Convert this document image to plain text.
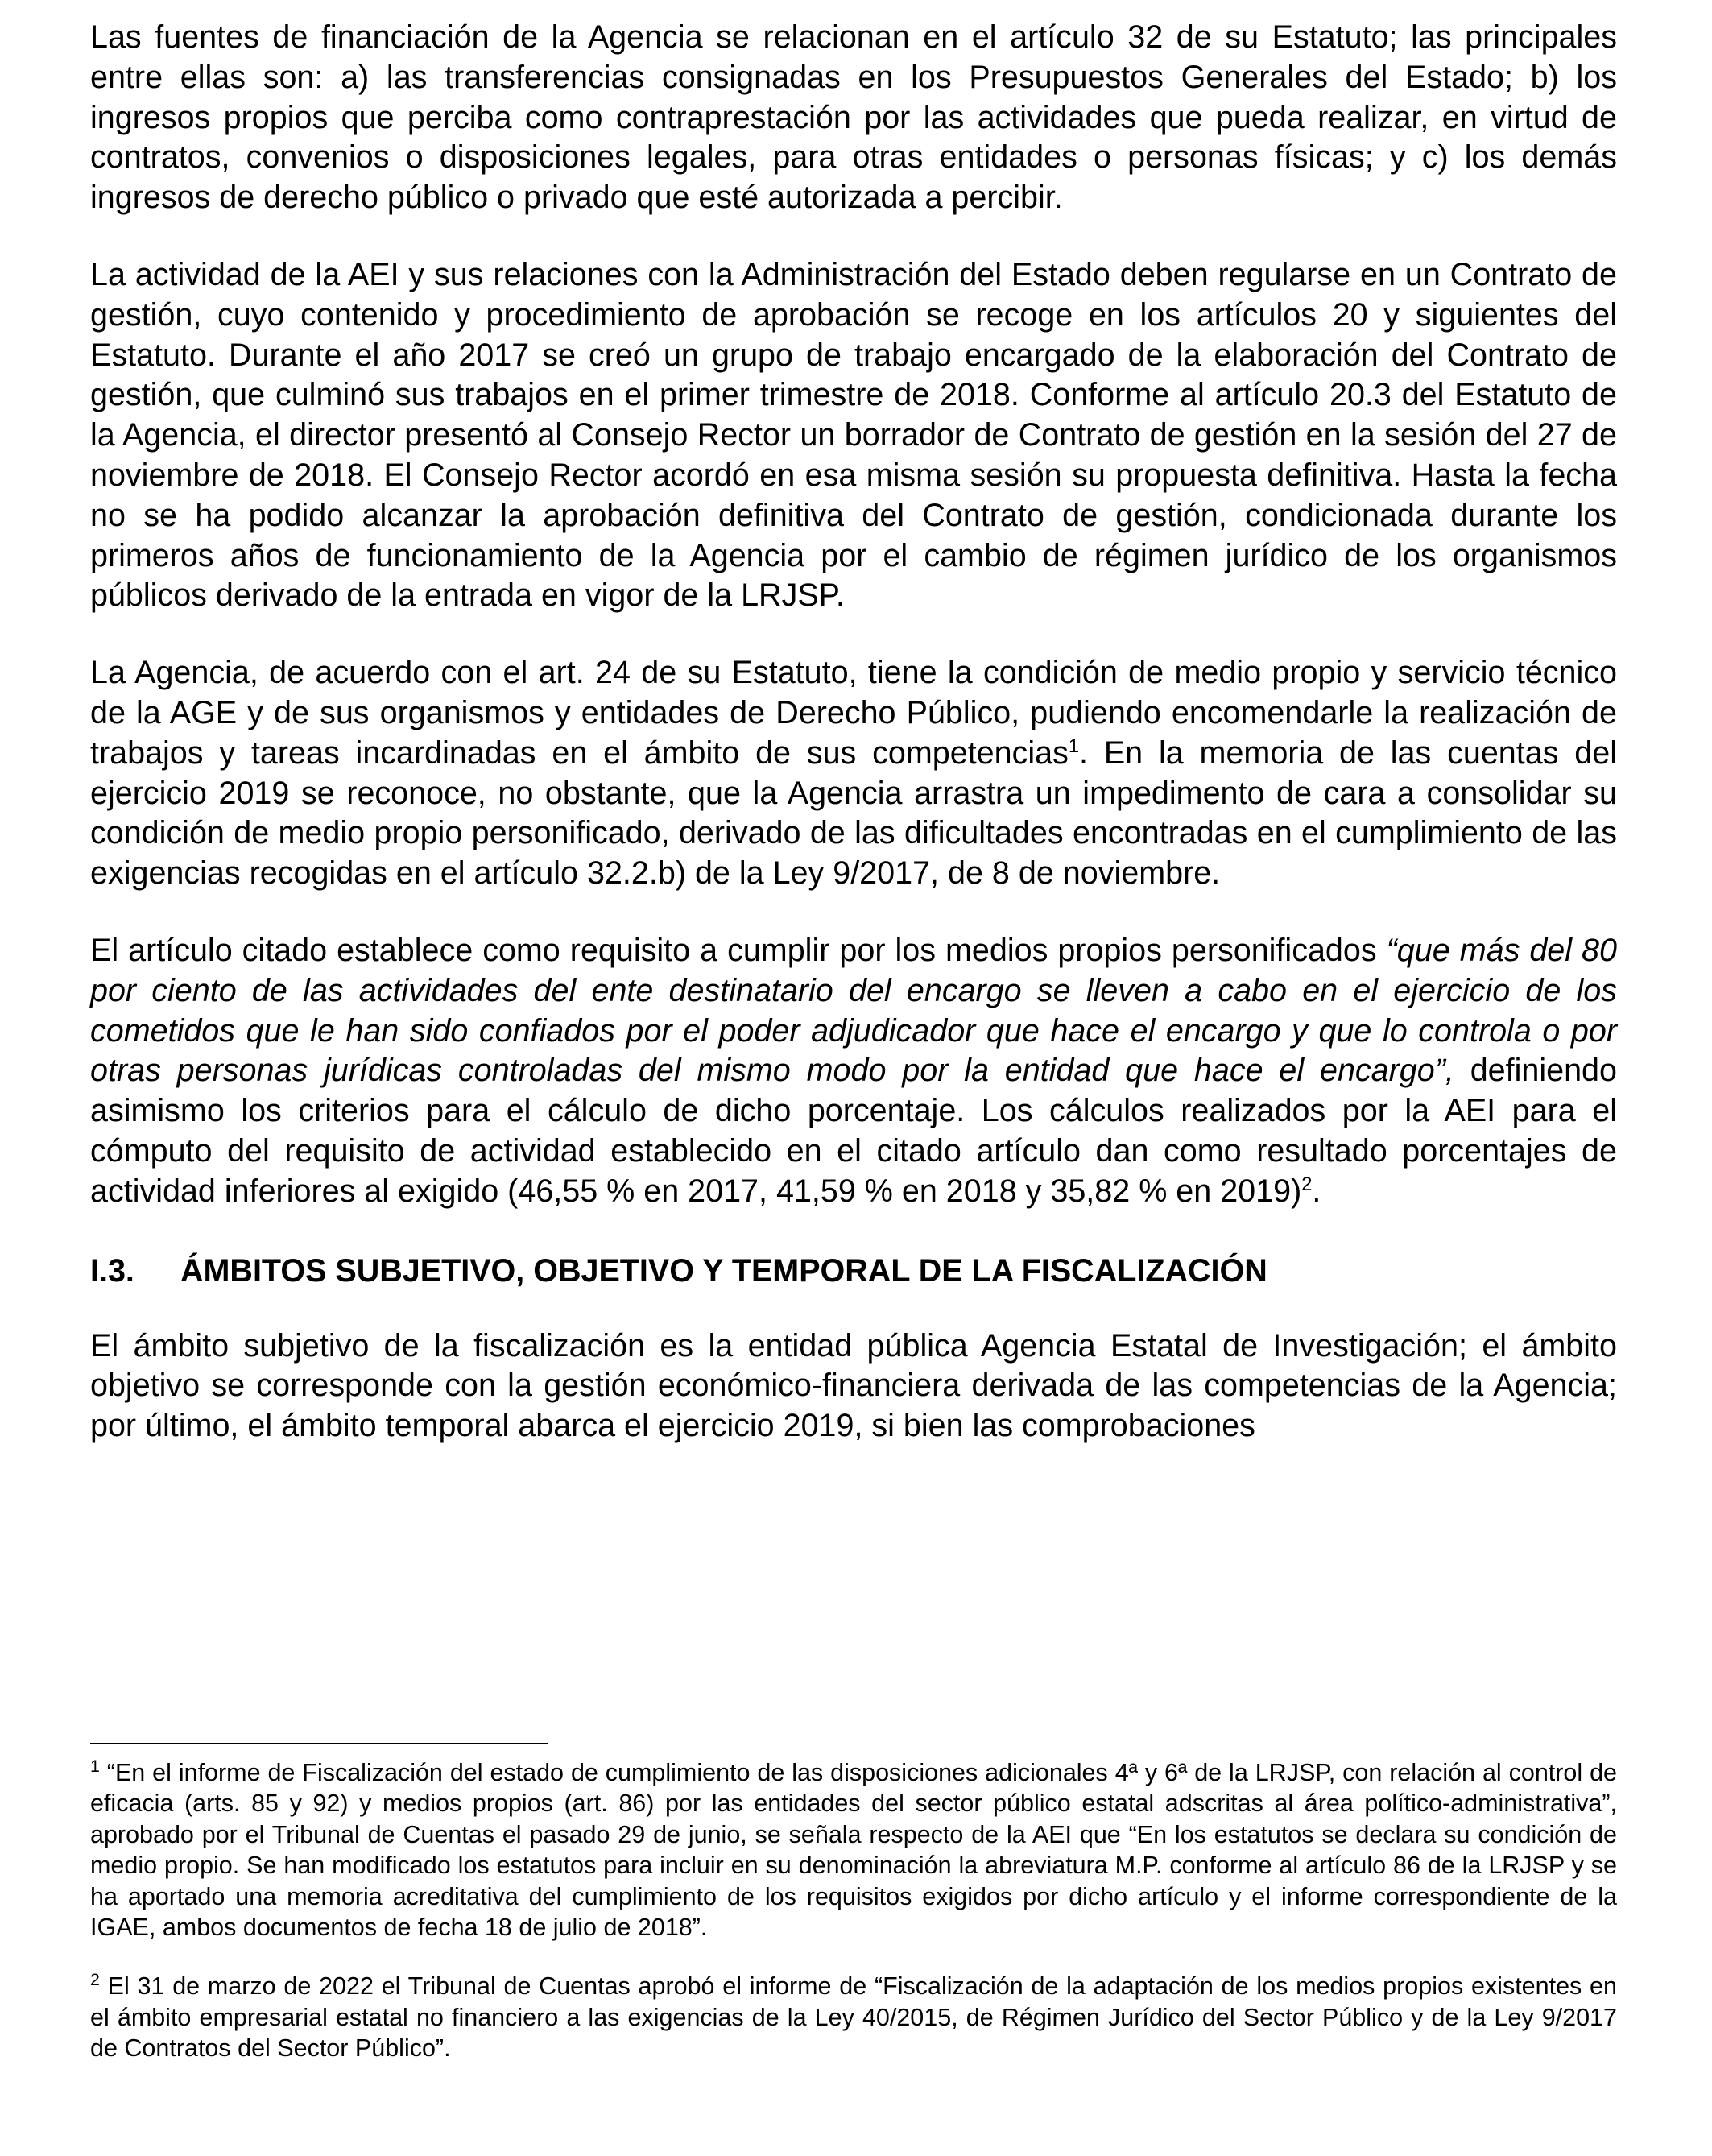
Las fuentes de financiación de la Agencia se relacionan en el artículo 32 de su Estatuto; las principales entre ellas son: a) las transferencias consignadas en los Presupuestos Generales del Estado; b) los ingresos propios que perciba como contraprestación por las actividades que pueda realizar, en virtud de contratos, convenios o disposiciones legales, para otras entidades o personas físicas; y c) los demás ingresos de derecho público o privado que esté autorizada a percibir.

La actividad de la AEI y sus relaciones con la Administración del Estado deben regularse en un Contrato de gestión, cuyo contenido y procedimiento de aprobación se recoge en los artículos 20 y siguientes del Estatuto. Durante el año 2017 se creó un grupo de trabajo encargado de la elaboración del Contrato de gestión, que culminó sus trabajos en el primer trimestre de 2018. Conforme al artículo 20.3 del Estatuto de la Agencia, el director presentó al Consejo Rector un borrador de Contrato de gestión en la sesión del 27 de noviembre de 2018. El Consejo Rector acordó en esa misma sesión su propuesta definitiva. Hasta la fecha no se ha podido alcanzar la aprobación definitiva del Contrato de gestión, condicionada durante los primeros años de funcionamiento de la Agencia por el cambio de régimen jurídico de los organismos públicos derivado de la entrada en vigor de la LRJSP.

La Agencia, de acuerdo con el art. 24 de su Estatuto, tiene la condición de medio propio y servicio técnico de la AGE y de sus organismos y entidades de Derecho Público, pudiendo encomendarle la realización de trabajos y tareas incardinadas en el ámbito de sus competencias$^1$. En la memoria de las cuentas del ejercicio 2019 se reconoce, no obstante, que la Agencia arrastra un impedimento de cara a consolidar su condición de medio propio personificado, derivado de las dificultades encontradas en el cumplimiento de las exigencias recogidas en el artículo 32.2.b) de la Ley 9/2017, de 8 de noviembre.

El artículo citado establece como requisito a cumplir por los medios propios personificados “que más del 80 por ciento de las actividades del ente destinatario del encargo se lleven a cabo en el ejercicio de los cometidos que le han sido confiados por el poder adjudicador que hace el encargo y que lo controla o por otras personas jurídicas controladas del mismo modo por la entidad que hace el encargo”, definiendo asimismo los criterios para el cálculo de dicho porcentaje. Los cálculos realizados por la AEI para el cómputo del requisito de actividad establecido en el citado artículo dan como resultado porcentajes de actividad inferiores al exigido (46,55 % en 2017, 41,59 % en 2018 y 35,82 % en 2019)$^2$.

I.3. ÁMBITOS SUBJETIVO, OBJETIVO Y TEMPORAL DE LA FISCALIZACIÓN

El ámbito subjetivo de la fiscalización es la entidad pública Agencia Estatal de Investigación; el ámbito objetivo se corresponde con la gestión económico-financiera derivada de las competencias de la Agencia; por último, el ámbito temporal abarca el ejercicio 2019, si bien las comprobaciones

$^1$ “En el informe de Fiscalización del estado de cumplimiento de las disposiciones adicionales 4ª y 6ª de la LRJSP, con relación al control de eficacia (arts. 85 y 92) y medios propios (art. 86) por las entidades del sector público estatal adscritas al área político-administrativa”, aprobado por el Tribunal de Cuentas el pasado 29 de junio, se señala respecto de la AEI que “En los estatutos se declara su condición de medio propio. Se han modificado los estatutos para incluir en su denominación la abreviatura M.P. conforme al artículo 86 de la LRJSP y se ha aportado una memoria acreditativa del cumplimiento de los requisitos exigidos por dicho artículo y el informe correspondiente de la IGAE, ambos documentos de fecha 18 de julio de 2018”.

$^2$ El 31 de marzo de 2022 el Tribunal de Cuentas aprobó el informe de “Fiscalización de la adaptación de los medios propios existentes en el ámbito empresarial estatal no financiero a las exigencias de la Ley 40/2015, de Régimen Jurídico del Sector Público y de la Ley 9/2017 de Contratos del Sector Público”.
